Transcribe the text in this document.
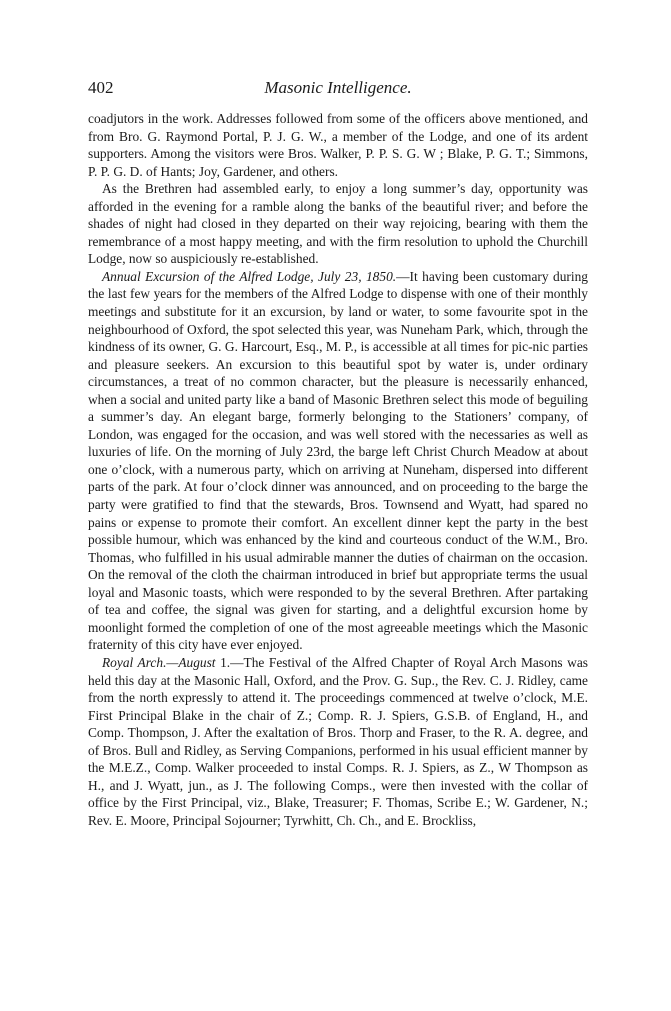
402	Masonic Intelligence.

coadjutors in the work. Addresses followed from some of the officers above mentioned, and from Bro. G. Raymond Portal, P. J. G. W., a member of the Lodge, and one of its ardent supporters. Among the visitors were Bros. Walker, P. P. S. G. W ; Blake, P. G. T.; Simmons, P. P. G. D. of Hants; Joy, Gardener, and others.

As the Brethren had assembled early, to enjoy a long summer’s day, opportunity was afforded in the evening for a ramble along the banks of the beautiful river; and before the shades of night had closed in they departed on their way rejoicing, bearing with them the remembrance of a most happy meeting, and with the firm resolution to uphold the Churchill Lodge, now so auspiciously re-established.

Annual Excursion of the Alfred Lodge, July 23, 1850.—It having been customary during the last few years for the members of the Alfred Lodge to dispense with one of their monthly meetings and substitute for it an excursion, by land or water, to some favourite spot in the neighbourhood of Oxford, the spot selected this year, was Nuneham Park, which, through the kindness of its owner, G. G. Harcourt, Esq., M. P., is accessible at all times for pic-nic parties and pleasure seekers. An excursion to this beautiful spot by water is, under ordinary circumstances, a treat of no common character, but the pleasure is necessarily enhanced, when a social and united party like a band of Masonic Brethren select this mode of beguiling a summer’s day. An elegant barge, formerly belonging to the Stationers’ company, of London, was engaged for the occasion, and was well stored with the necessaries as well as luxuries of life. On the morning of July 23rd, the barge left Christ Church Meadow at about one o’clock, with a numerous party, which on arriving at Nuneham, dispersed into different parts of the park. At four o’clock dinner was announced, and on proceeding to the barge the party were gratified to find that the stewards, Bros. Townsend and Wyatt, had spared no pains or expense to promote their comfort. An excellent dinner kept the party in the best possible humour, which was enhanced by the kind and courteous conduct of the W.M., Bro. Thomas, who fulfilled in his usual admirable manner the duties of chairman on the occasion. On the removal of the cloth the chairman introduced in brief but appropriate terms the usual loyal and Masonic toasts, which were responded to by the several Brethren. After partaking of tea and coffee, the signal was given for starting, and a delightful excursion home by moonlight formed the completion of one of the most agreeable meetings which the Masonic fraternity of this city have ever enjoyed.

Royal Arch.—August 1.—The Festival of the Alfred Chapter of Royal Arch Masons was held this day at the Masonic Hall, Oxford, and the Prov. G. Sup., the Rev. C. J. Ridley, came from the north expressly to attend it. The proceedings commenced at twelve o’clock, M.E. First Principal Blake in the chair of Z.; Comp. R. J. Spiers, G.S.B. of England, H., and Comp. Thompson, J. After the exaltation of Bros. Thorp and Fraser, to the R. A. degree, and of Bros. Bull and Ridley, as Serving Companions, performed in his usual efficient manner by the M.E.Z., Comp. Walker proceeded to instal Comps. R. J. Spiers, as Z., W Thompson as H., and J. Wyatt, jun., as J. The following Comps., were then invested with the collar of office by the First Principal, viz., Blake, Treasurer; F. Thomas, Scribe E.; W. Gardener, N.; Rev. E. Moore, Principal Sojourner; Tyrwhitt, Ch. Ch., and E. Brockliss,
